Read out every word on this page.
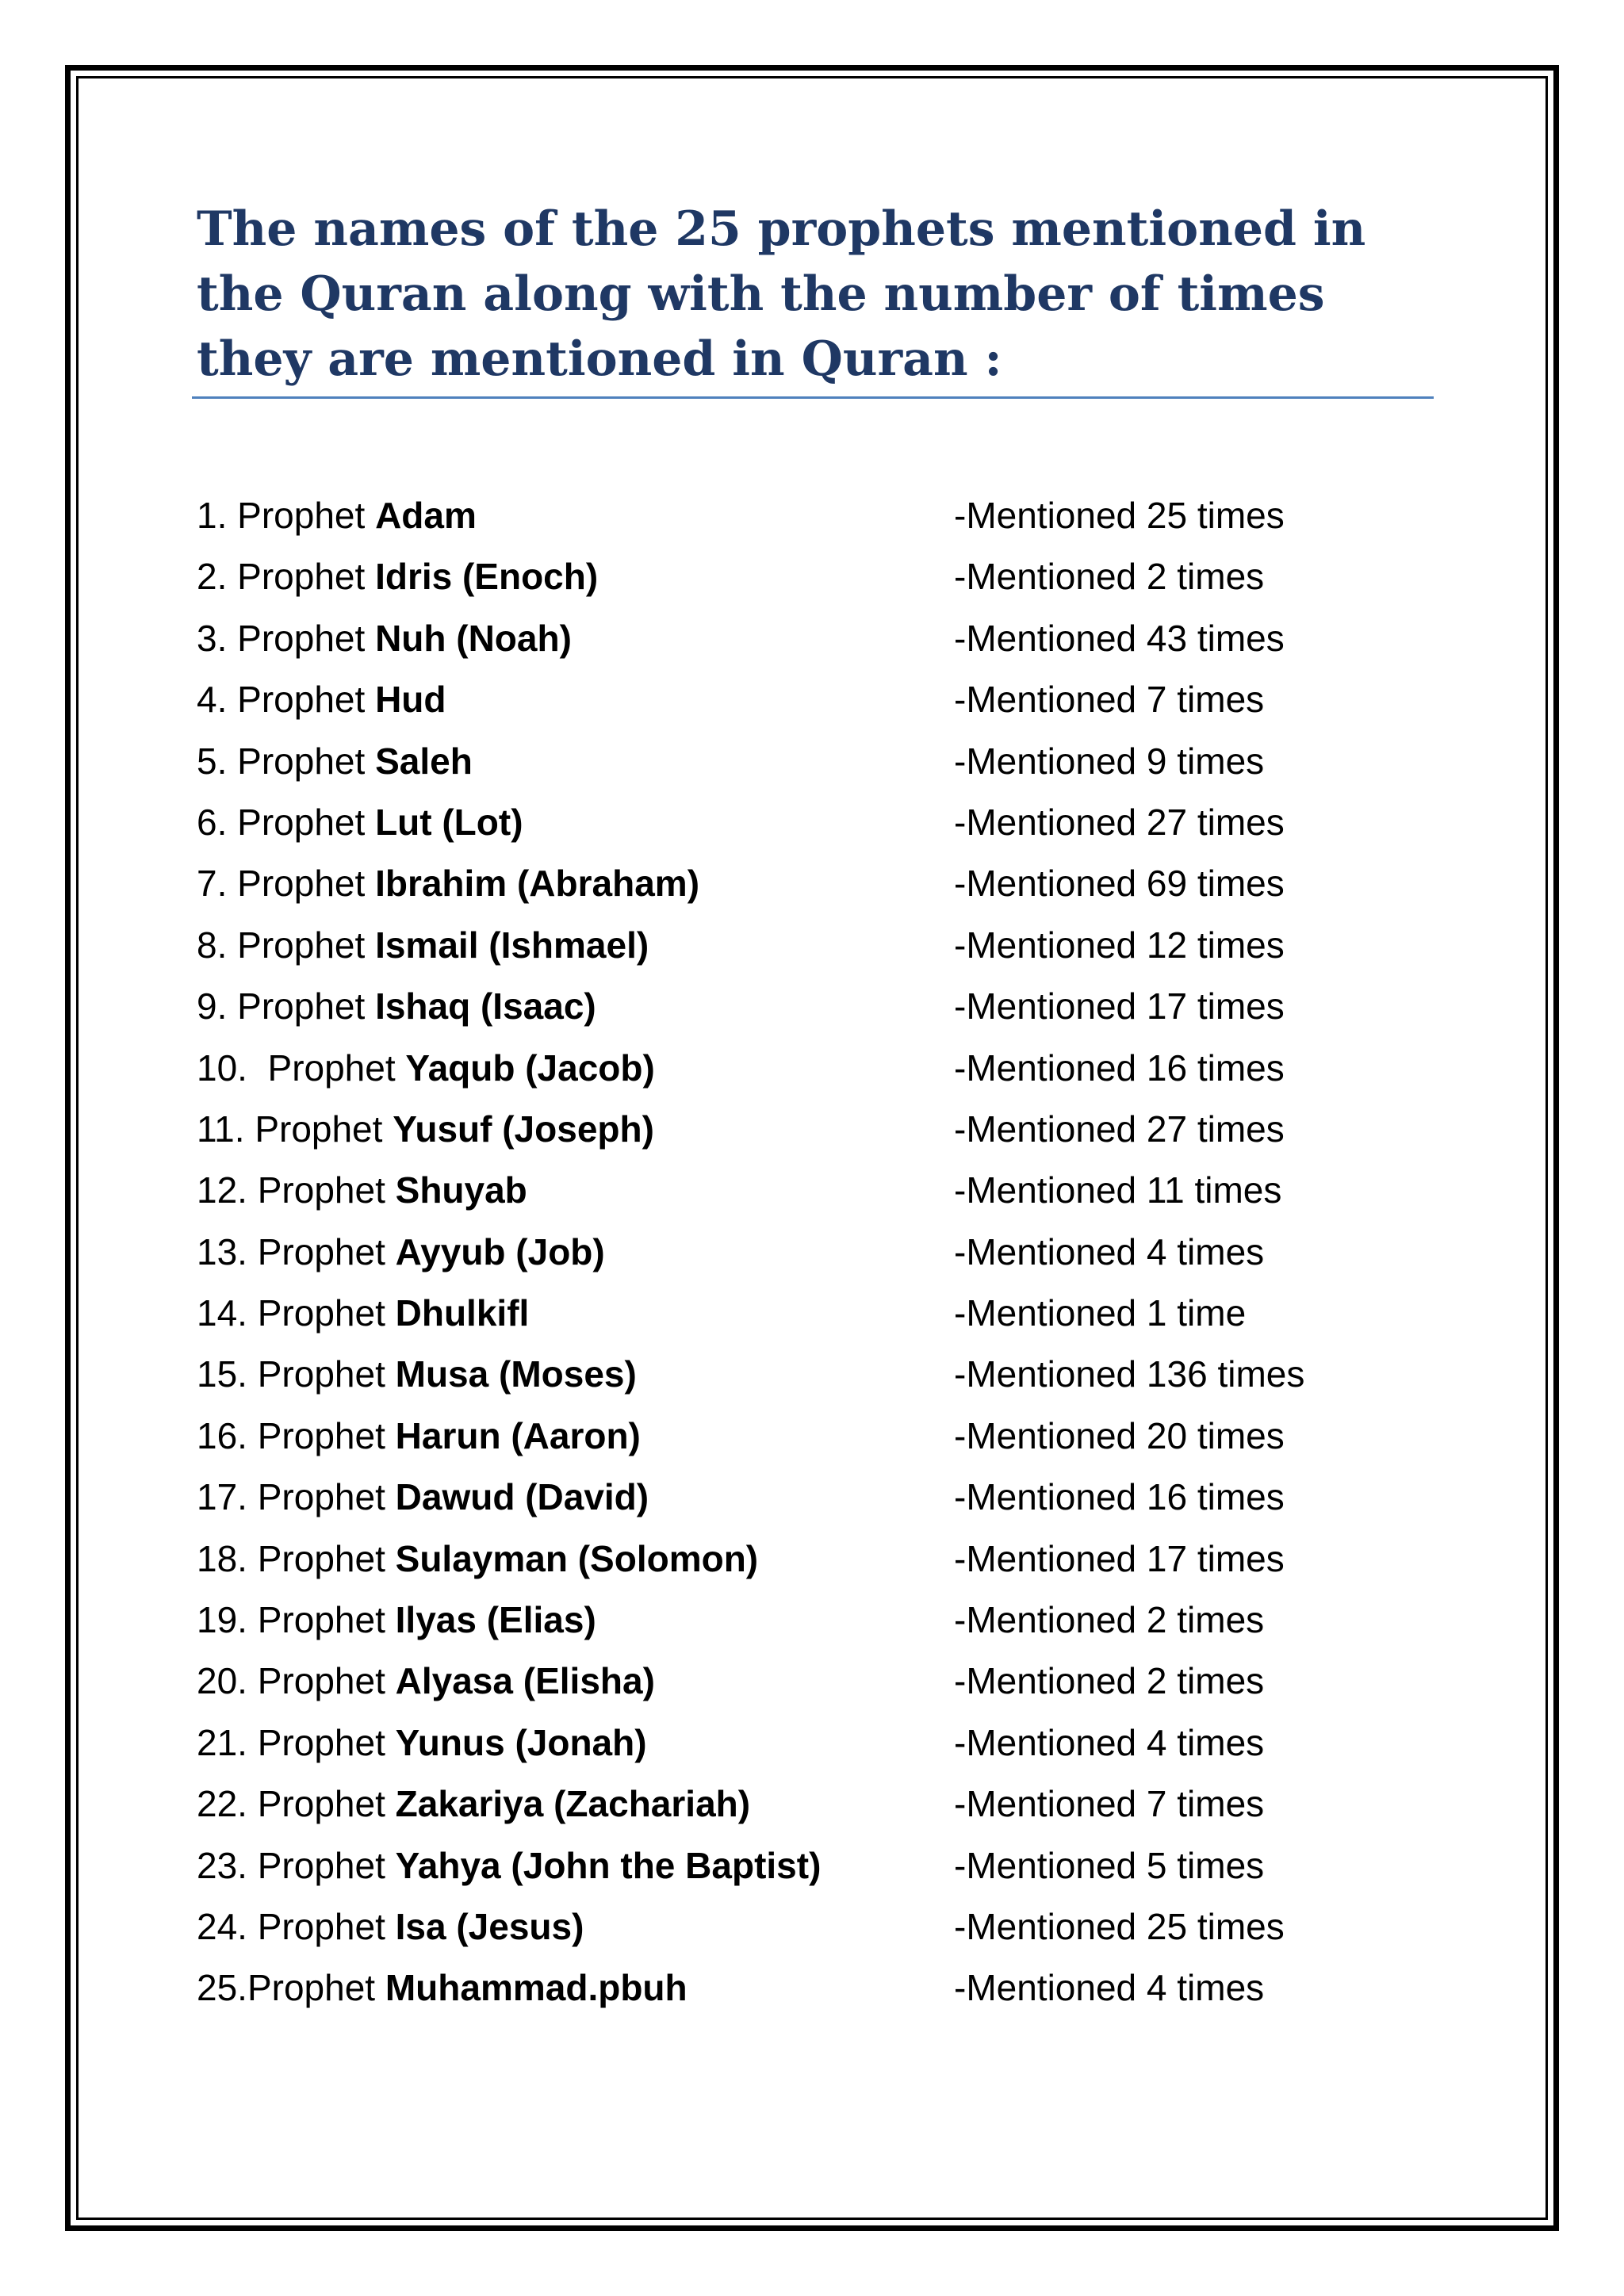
The names of the 25 prophets mentioned in the Quran along with the number of times they are mentioned in Quran :
1. Prophet Adam	-Mentioned 25 times
2. Prophet Idris (Enoch)	-Mentioned 2 times
3. Prophet Nuh (Noah)	-Mentioned 43 times
4. Prophet Hud	-Mentioned 7 times
5. Prophet Saleh	-Mentioned 9 times
6. Prophet Lut (Lot)	-Mentioned 27 times
7. Prophet Ibrahim (Abraham)	-Mentioned 69 times
8. Prophet Ismail (Ishmael)	-Mentioned 12 times
9. Prophet Ishaq (Isaac)	-Mentioned 17 times
10.  Prophet Yaqub (Jacob)	-Mentioned 16 times
11. Prophet Yusuf (Joseph)	-Mentioned 27 times
12. Prophet Shuyab	-Mentioned 11 times
13. Prophet Ayyub (Job)	-Mentioned 4 times
14. Prophet Dhulkifl	-Mentioned 1 time
15. Prophet Musa (Moses)	-Mentioned 136 times
16. Prophet Harun (Aaron)	-Mentioned 20 times
17. Prophet Dawud (David)	-Mentioned 16 times
18. Prophet Sulayman (Solomon)	-Mentioned 17 times
19. Prophet Ilyas (Elias)	-Mentioned 2 times
20. Prophet Alyasa (Elisha)	-Mentioned 2 times
21. Prophet Yunus (Jonah)	-Mentioned 4 times
22. Prophet Zakariya (Zachariah)	-Mentioned 7 times
23. Prophet Yahya (John the Baptist)	-Mentioned 5 times
24. Prophet Isa (Jesus)	-Mentioned 25 times
25.Prophet Muhammad.pbuh	-Mentioned 4 times
